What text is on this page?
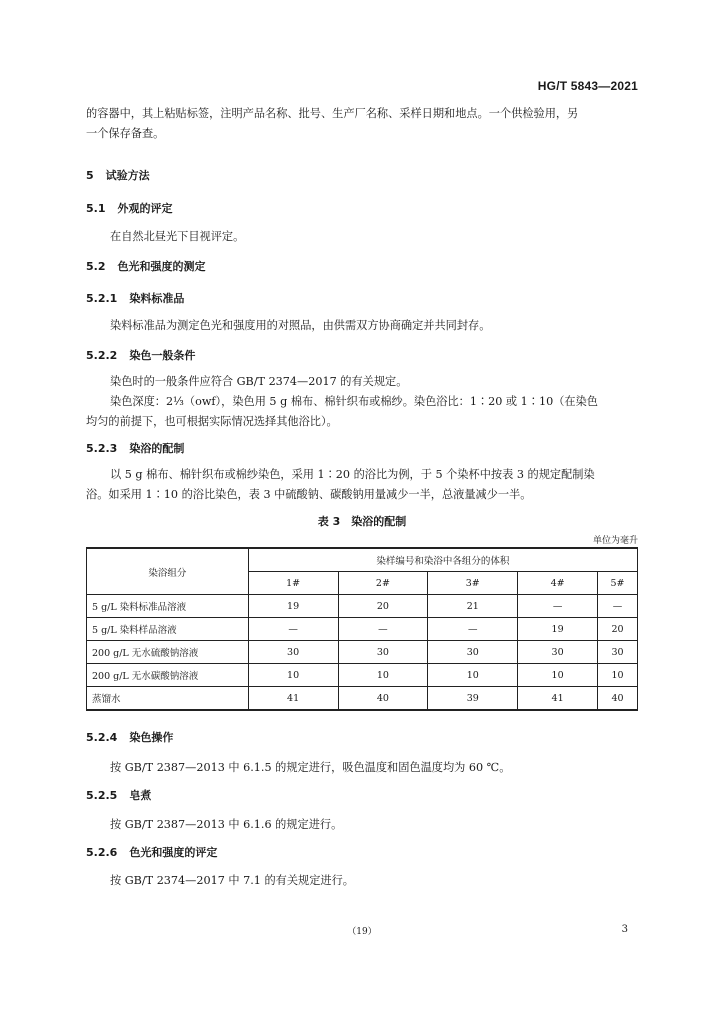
HG/T 5843—2021
的容器中，其上粘贴标签，注明产品名称、批号、生产厂名称、采样日期和地点。一个供检验用，另
一个保存备查。
5 试验方法
5.1 外观的评定
在自然北昼光下目视评定。
5.2 色光和强度的测定
5.2.1 染料标准品
染料标准品为测定色光和强度用的对照品，由供需双方协商确定并共同封存。
5.2.2 染色一般条件
染色时的一般条件应符合 GB/T 2374—2017 的有关规定。
染色深度：2⅓（owf），染色用 5 g 棉布、棉针织布或棉纱。染色浴比：1∶20 或 1∶10（在染色
均匀的前提下，也可根据实际情况选择其他浴比）。
5.2.3 染浴的配制
以 5 g 棉布、棉针织布或棉纱染色，采用 1∶20 的浴比为例，于 5 个染杯中按表 3 的规定配制染
浴。如采用 1∶10 的浴比染色，表 3 中硫酸钠、碳酸钠用量减少一半，总液量减少一半。
表 3　染浴的配制
单位为毫升
染浴组分	染样编号和染浴中各组分的体积				
	1#	2#	3#	4#	5#
5 g/L 染料标准品溶液	19	20	21	—	—
5 g/L 染料样品溶液	—	—	—	19	20
200 g/L 无水硫酸钠溶液	30	30	30	30	30
200 g/L 无水碳酸钠溶液	10	10	10	10	10
蒸馏水	41	40	39	41	40
5.2.4 染色操作
按 GB/T 2387—2013 中 6.1.5 的规定进行，吸色温度和固色温度均为 60 ℃。
5.2.5 皂煮
按 GB/T 2387—2013 中 6.1.6 的规定进行。
5.2.6 色光和强度的评定
按 GB/T 2374—2017 中 7.1 的有关规定进行。
（19）	3
